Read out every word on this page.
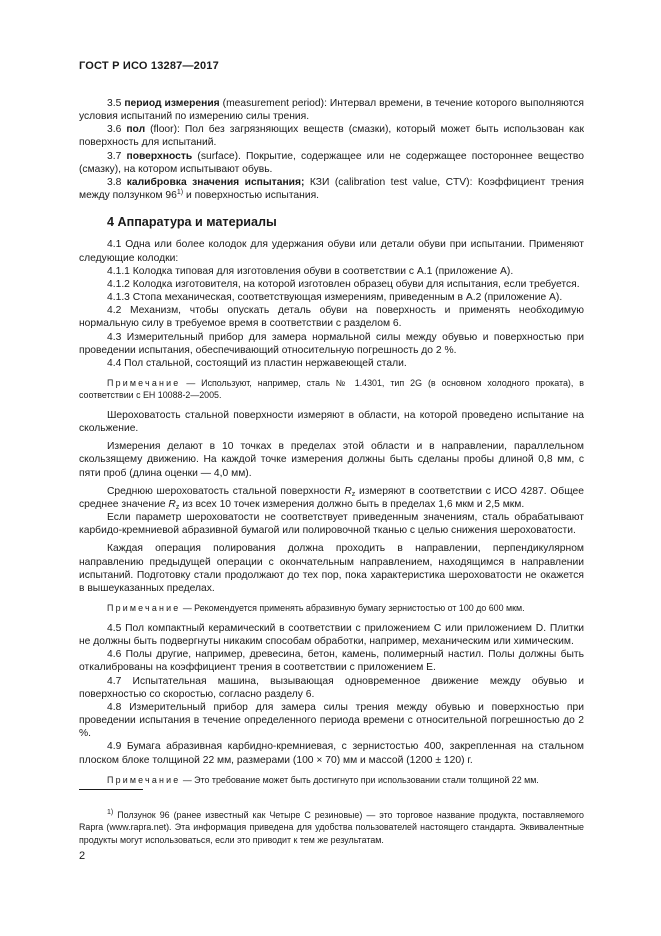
ГОСТ Р ИСО 13287—2017

3.5 период измерения (measurement period): Интервал времени, в течение которого выполняются условия испытаний по измерению силы трения.

3.6 пол (floor): Пол без загрязняющих веществ (смазки), который может быть использован как поверхность для испытаний.

3.7 поверхность (surface). Покрытие, содержащее или не содержащее постороннее вещество (смазку), на котором испытывают обувь.

3.8 калибровка значения испытания; КЗИ (calibration test value, CTV): Коэффициент трения между ползунком 96$^{1)}$ и поверхностью испытания.

4 Аппаратура и материалы

4.1 Одна или более колодок для удержания обуви или детали обуви при испытании. Применяют следующие колодки:

4.1.1 Колодка типовая для изготовления обуви в соответствии с А.1 (приложение А).

4.1.2 Колодка изготовителя, на которой изготовлен образец обуви для испытания, если требуется.

4.1.3 Стопа механическая, соответствующая измерениям, приведенным в А.2 (приложение А).

4.2 Механизм, чтобы опускать деталь обуви на поверхность и применять необходимую нормальную силу в требуемое время в соответствии с разделом 6.

4.3 Измерительный прибор для замера нормальной силы между обувью и поверхностью при проведении испытания, обеспечивающий относительную погрешность до 2 %.

4.4 Пол стальной, состоящий из пластин нержавеющей стали.

Примечание — Используют, например, сталь № 1.4301, тип 2G (в основном холодного проката), в соответствии с ЕН 10088-2—2005.

Шероховатость стальной поверхности измеряют в области, на которой проведено испытание на скольжение.

Измерения делают в 10 точках в пределах этой области и в направлении, параллельном скользящему движению. На каждой точке измерения должны быть сделаны пробы длиной 0,8 мм, с пяти проб (длина оценки — 4,0 мм).

Среднюю шероховатость стальной поверхности $R_z$ измеряют в соответствии с ИСО 4287. Общее среднее значение $R_z$ из всех 10 точек измерения должно быть в пределах 1,6 мкм и 2,5 мкм.

Если параметр шероховатости не соответствует приведенным значениям, сталь обрабатывают карбидо-кремниевой абразивной бумагой или полировочной тканью с целью снижения шероховатости.

Каждая операция полирования должна проходить в направлении, перпендикулярном направлению предыдущей операции с окончательным направлением, находящимся в направлении испытаний. Подготовку стали продолжают до тех пор, пока характеристика шероховатости не окажется в вышеуказанных пределах.

Примечание — Рекомендуется применять абразивную бумагу зернистостью от 100 до 600 мкм.

4.5 Пол компактный керамический в соответствии с приложением С или приложением D. Плитки не должны быть подвергнуты никаким способам обработки, например, механическим или химическим.

4.6 Полы другие, например, древесина, бетон, камень, полимерный настил. Полы должны быть откалиброваны на коэффициент трения в соответствии с приложением Е.

4.7 Испытательная машина, вызывающая одновременное движение между обувью и поверхностью со скоростью, согласно разделу 6.

4.8 Измерительный прибор для замера силы трения между обувью и поверхностью при проведении испытания в течение определенного периода времени с относительной погрешностью до 2 %.

4.9 Бумага абразивная карбидно-кремниевая, с зернистостью 400, закрепленная на стальном плоском блоке толщиной 22 мм, размерами (100 × 70) мм и массой (1200 ± 120) г.

Примечание — Это требование может быть достигнуто при использовании стали толщиной 22 мм.

$^{1)}$ Ползунок 96 (ранее известный как Четыре С резиновые) — это торговое название продукта, поставляемого Rapra (www.rapra.net). Эта информация приведена для удобства пользователей настоящего стандарта. Эквивалентные продукты могут использоваться, если это приводит к тем же результатам.

2
